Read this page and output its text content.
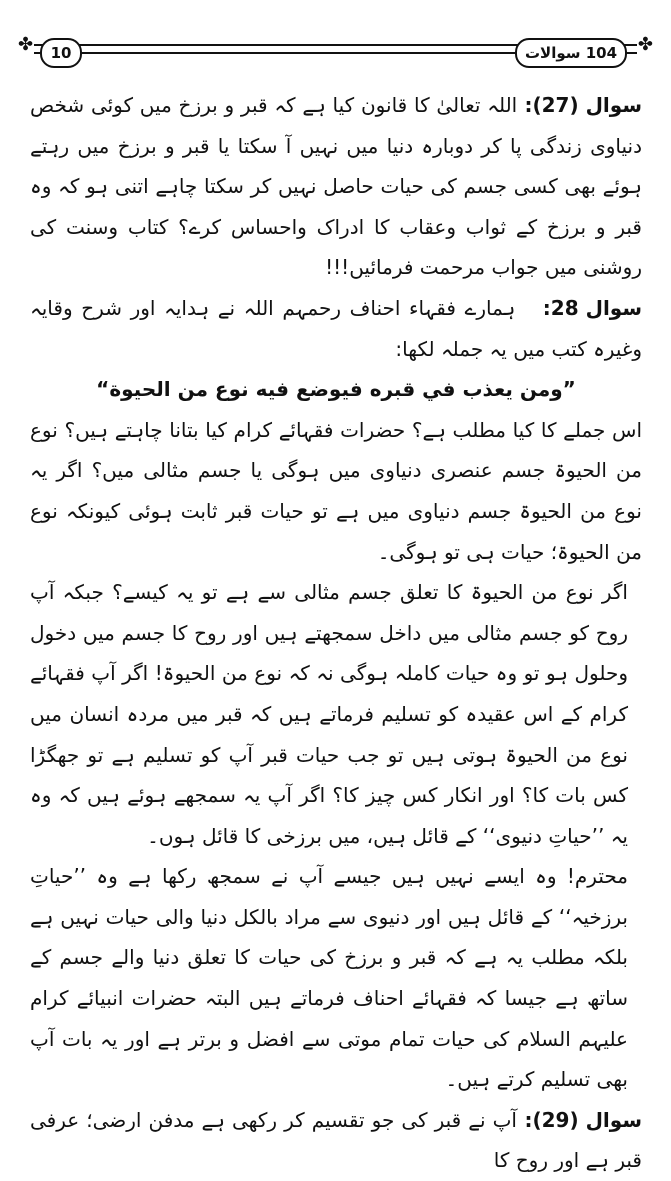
✤	✤
10	104 سوالات

سوال (27): اللہ تعالیٰ کا قانون کیا ہے کہ قبر و برزخ میں کوئی شخص دنیاوی زندگی پا کر دوبارہ دنیا میں نہیں آ سکتا یا قبر و برزخ میں رہتے ہوئے بھی کسی جسم کی حیات حاصل نہیں کر سکتا چاہے اتنی ہو کہ وہ قبر و برزخ کے ثواب وعقاب کا ادراک واحساس کرے؟ کتاب وسنت کی روشنی میں جواب مرحمت فرمائیں!!!

سوال 28: ہمارے فقہاء احناف رحمہم اللہ نے ہدایہ اور شرح وقایہ وغیرہ کتب میں یہ جملہ لکھا:

”ومن يعذب في قبره فيوضع فيه نوع من الحيوة“

اس جملے کا کیا مطلب ہے؟ حضرات فقہائے کرام کیا بتانا چاہتے ہیں؟ نوع من الحیوۃ جسم عنصری دنیاوی میں ہوگی یا جسم مثالی میں؟ اگر یہ نوع من الحیوۃ جسم دنیاوی میں ہے تو حیات قبر ثابت ہوئی کیونکہ نوع من الحیوۃ؛ حیات ہی تو ہوگی۔

اگر نوع من الحیوۃ کا تعلق جسم مثالی سے ہے تو یہ کیسے؟ جبکہ آپ روح کو جسم مثالی میں داخل سمجھتے ہیں اور روح کا جسم میں دخول وحلول ہو تو وہ حیات کاملہ ہوگی نہ کہ نوع من الحیوۃ! اگر آپ فقہائے کرام کے اس عقیدہ کو تسلیم فرماتے ہیں کہ قبر میں مردہ انسان میں نوع من الحیوۃ ہوتی ہیں تو جب حیات قبر آپ کو تسلیم ہے تو جھگڑا کس بات کا؟ اور انکار کس چیز کا؟ اگر آپ یہ سمجھے ہوئے ہیں کہ وہ یہ ’’حیاتِ دنیوی‘‘ کے قائل ہیں، میں برزخی کا قائل ہوں۔

محترم! وہ ایسے نہیں ہیں جیسے آپ نے سمجھ رکھا ہے وہ ’’حیاتِ برزخیہ‘‘ کے قائل ہیں اور دنیوی سے مراد بالکل دنیا والی حیات نہیں ہے بلکہ مطلب یہ ہے کہ قبر و برزخ کی حیات کا تعلق دنیا والے جسم کے ساتھ ہے جیسا کہ فقہائے احناف فرماتے ہیں البتہ حضرات انبیائے کرام علیہم السلام کی حیات تمام موتی سے افضل و برتر ہے اور یہ بات آپ بھی تسلیم کرتے ہیں۔

سوال (29): آپ نے قبر کی جو تقسیم کر رکھی ہے مدفن ارضی؛ عرفی قبر ہے اور روح کا
